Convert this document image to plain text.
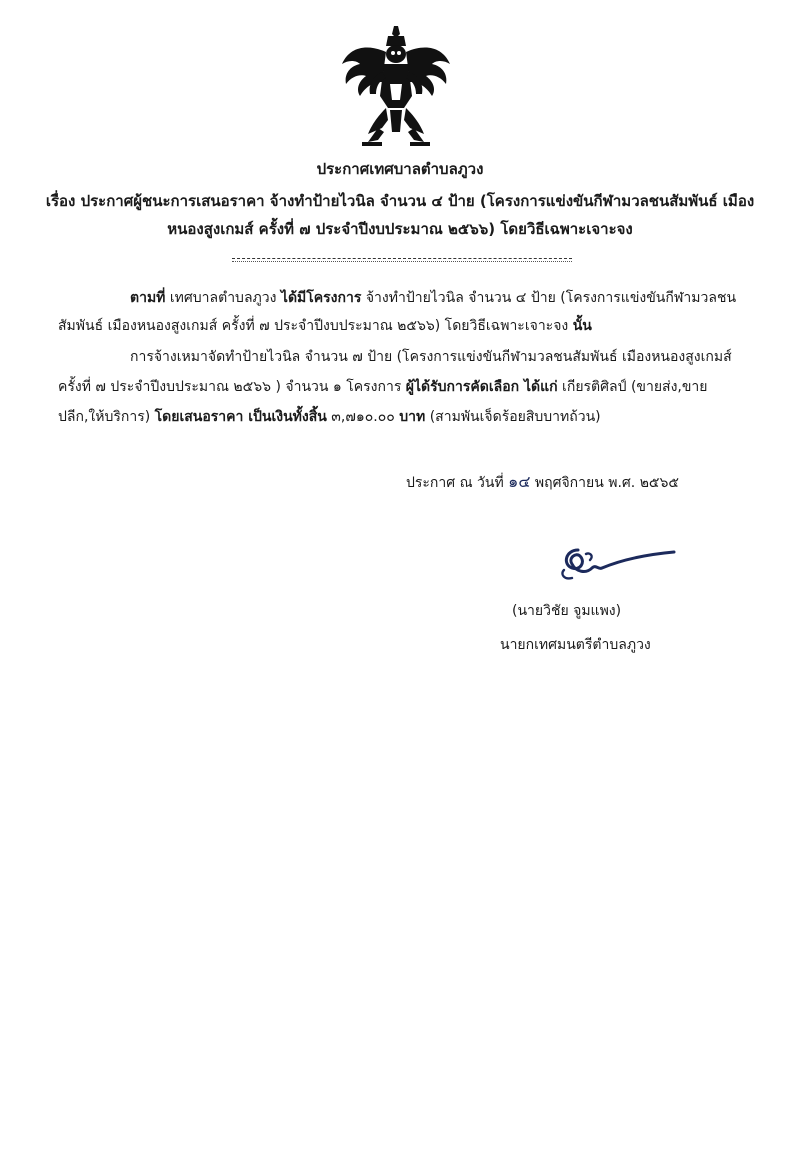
ประกาศเทศบาลตำบลภูวง
เรื่อง ประกาศผู้ชนะการเสนอราคา จ้างทำป้ายไวนิล จำนวน ๔ ป้าย (โครงการแข่งขันกีฬามวลชนสัมพันธ์ เมือง
หนองสูงเกมส์ ครั้งที่ ๗ ประจำปีงบประมาณ ๒๕๖๖) โดยวิธีเฉพาะเจาะจง
ตามที่ เทศบาลตำบลภูวง ได้มีโครงการ จ้างทำป้ายไวนิล จำนวน ๔ ป้าย (โครงการแข่งขันกีฬามวลชน
สัมพันธ์ เมืองหนองสูงเกมส์ ครั้งที่ ๗ ประจำปีงบประมาณ ๒๕๖๖) โดยวิธีเฉพาะเจาะจง นั้น
การจ้างเหมาจัดทำป้ายไวนิล จำนวน ๗ ป้าย (โครงการแข่งขันกีฬามวลชนสัมพันธ์ เมืองหนองสูงเกมส์
ครั้งที่ ๗ ประจำปีงบประมาณ ๒๕๖๖ ) จำนวน ๑ โครงการ ผู้ได้รับการคัดเลือก ได้แก่ เกียรติศิลป์ (ขายส่ง,ขาย
ปลีก,ให้บริการ) โดยเสนอราคา เป็นเงินทั้งสิ้น ๓,๗๑๐.๐๐ บาท (สามพันเจ็ดร้อยสิบบาทถ้วน)
ประกาศ ณ วันที่ ๑๔ พฤศจิกายน พ.ศ. ๒๕๖๕
(นายวิชัย จูมแพง)
นายกเทศมนตรีตำบลภูวง
